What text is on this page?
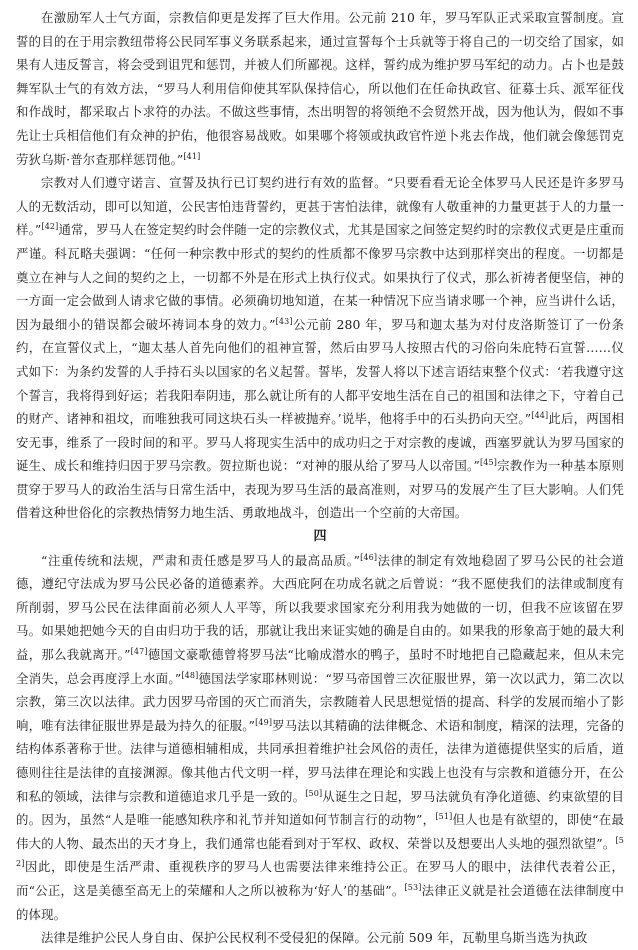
在激励军人士气方面，宗教信仰更是发挥了巨大作用。公元前 210 年，罗马军队正式采取宣誓制度。宣誓的目的在于用宗教纽带将公民同军事义务联系起来，通过宣誓每个士兵就等于将自己的一切交给了国家，如果有人违反誓言，将会受到诅咒和惩罚，并被人们所鄙视。这样，誓约成为维护罗马军纪的动力。占卜也是鼓舞军队士气的有效方法，“罗马人利用信仰使其军队保持信心，所以他们在任命执政官、征募士兵、派军征伐和作战时，都采取占卜求符的办法。不做这些事情，杰出明智的将领绝不会贸然开战，因为他认为，假如不事先让士兵相信他们有众神的护佑，他很容易战败。如果哪个将领或执政官忤逆卜兆去作战，他们就会像惩罚克劳狄乌斯·普尔查那样惩罚他。”[41]

宗教对人们遵守诺言、宣誓及执行已订契约进行有效的监督。“只要看看无论全体罗马人民还是许多罗马人的无数活动，即可以知道，公民害怕违背誓约，更甚于害怕法律，就像有人敬重神的力量更甚于人的力量一样。”[42]通常，罗马人在签定契约时会伴随一定的宗教仪式，尤其是国家之间签定契约时的宗教仪式更是庄重而严谨。科瓦略夫强调：“任何一种宗教中形式的契约的性质都不像罗马宗教中达到那样突出的程度。一切都是奠立在神与人之间的契约之上，一切都不外是在形式上执行仪式。如果执行了仪式，那么祈祷者便坚信，神的一方面一定会做到人请求它做的事情。必须确切地知道，在某一种情况下应当请求哪一个神，应当讲什么话，因为最细小的错误都会破坏祷词本身的效力。”[43]公元前 280 年，罗马和迦太基为对付皮洛斯签订了一份条约，在宣誓仪式上，“迦太基人首先向他们的祖神宣誓，然后由罗马人按照古代的习俗向朱庇特石宣誓……仪式如下：为条约发誓的人手持石头以国家的名义起誓。誓毕，发誓人将以下述言语结束整个仪式：‘若我遵守这个誓言，我将得到好运；若我阳奉阴违，那么就让所有的人都平安地生活在自己的祖国和法律之下，守着自己的财产、诸神和祖坟，而唯独我可同这块石头一样被抛弃。’说毕，他将手中的石头扔向天空。”[44]此后，两国相安无事，维系了一段时间的和平。罗马人将现实生活中的成功归之于对宗教的虔诚，西塞罗就认为罗马国家的诞生、成长和维持归因于罗马宗教。贺拉斯也说：“对神的服从给了罗马人以帝国。”[45]宗教作为一种基本原则贯穿于罗马人的政治生活与日常生活中，表现为罗马生活的最高准则，对罗马的发展产生了巨大影响。人们凭借着这种世俗化的宗教热情努力地生活、勇敢地战斗，创造出一个空前的大帝国。

四

“注重传统和法规，严肃和责任感是罗马人的最高品质。”[46]法律的制定有效地稳固了罗马公民的社会道德，遵纪守法成为罗马公民必备的道德素养。大西庇阿在功成名就之后曾说：“我不愿使我们的法律或制度有所削弱，罗马公民在法律面前必须人人平等，所以我要求国家充分利用我为她做的一切，但我不应该留在罗马。如果她把她今天的自由归功于我的话，那就让我出来证实她的确是自由的。如果我的形象高于她的最大利益，那么我就离开。”[47]德国文豪歌德曾将罗马法“比喻成潜水的鸭子，虽时不时地把自己隐藏起来，但从未完全消失，总会再度浮上水面。”[48]德国法学家耶林则说：“罗马帝国曾三次征服世界，第一次以武力，第二次以宗教，第三次以法律。武力因罗马帝国的灭亡而消失，宗教随着人民思想觉悟的提高、科学的发展而缩小了影响，唯有法律征服世界是最为持久的征服。”[49]罗马法以其精确的法律概念、术语和制度，精深的法理，完备的结构体系著称于世。法律与道德相辅相成，共同承担着维护社会风俗的责任，法律为道德提供坚实的后盾，道德则往往是法律的直接渊源。像其他古代文明一样，罗马法律在理论和实践上也没有与宗教和道德分开，在公和私的领域，法律与宗教和道德追求几乎是一致的。[50]从诞生之日起，罗马法就负有净化道德、约束欲望的目的。因为，虽然“人是唯一能感知秩序和礼节并知道如何节制言行的动物”，[51]但人也是有欲望的，即使“在最伟大的人物、最杰出的天才身上，我们通常也能看到对于军权、政权、荣誉以及想要出人头地的强烈欲望”。[52]因此，即使是生活严肃、重视秩序的罗马人也需要法律来维持公正。在罗马人的眼中，法律代表着公正，而“公正，这是美德至高无上的荣耀和人之所以被称为‘好人’的基础”。[53]法律正义就是社会道德在法律制度中的体现。

法律是维护公民人身自由、保护公民权利不受侵犯的保障。公元前 509 年，瓦勒里乌斯当选为执政
